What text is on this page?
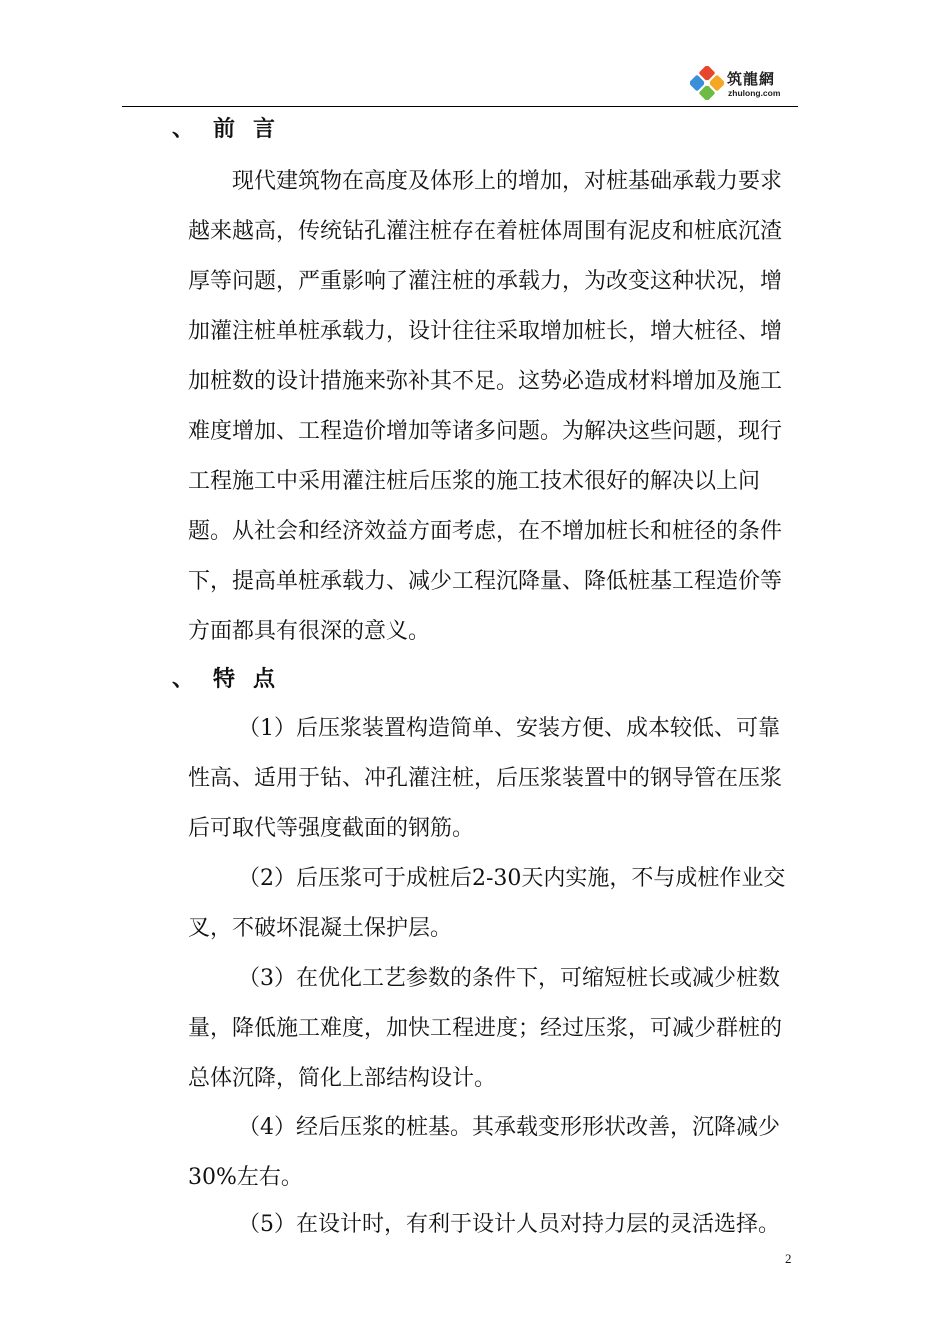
筑龍網
zhulong.com
、 前言

现代建筑物在高度及体形上的增加，对桩基础承载力要求
越来越高，传统钻孔灌注桩存在着桩体周围有泥皮和桩底沉渣
厚等问题，严重影响了灌注桩的承载力，为改变这种状况，增
加灌注桩单桩承载力，设计往往采取增加桩长，增大桩径、增
加桩数的设计措施来弥补其不足。这势必造成材料增加及施工
难度增加、工程造价增加等诸多问题。为解决这些问题，现行
工程施工中采用灌注桩后压浆的施工技术很好的解决以上问
题。从社会和经济效益方面考虑，在不增加桩长和桩径的条件
下，提高单桩承载力、减少工程沉降量、降低桩基工程造价等
方面都具有很深的意义。

、 特点

（1）后压浆装置构造简单、安装方便、成本较低、可靠
性高、适用于钻、冲孔灌注桩，后压浆装置中的钢导管在压浆
后可取代等强度截面的钢筋。

（2）后压浆可于成桩后2-30天内实施，不与成桩作业交
叉，不破坏混凝土保护层。

（3）在优化工艺参数的条件下，可缩短桩长或减少桩数
量，降低施工难度，加快工程进度；经过压浆，可减少群桩的
总体沉降，简化上部结构设计。

（4）经后压浆的桩基。其承载变形形状改善，沉降减少
30%左右。

（5）在设计时，有利于设计人员对持力层的灵活选择。

2
